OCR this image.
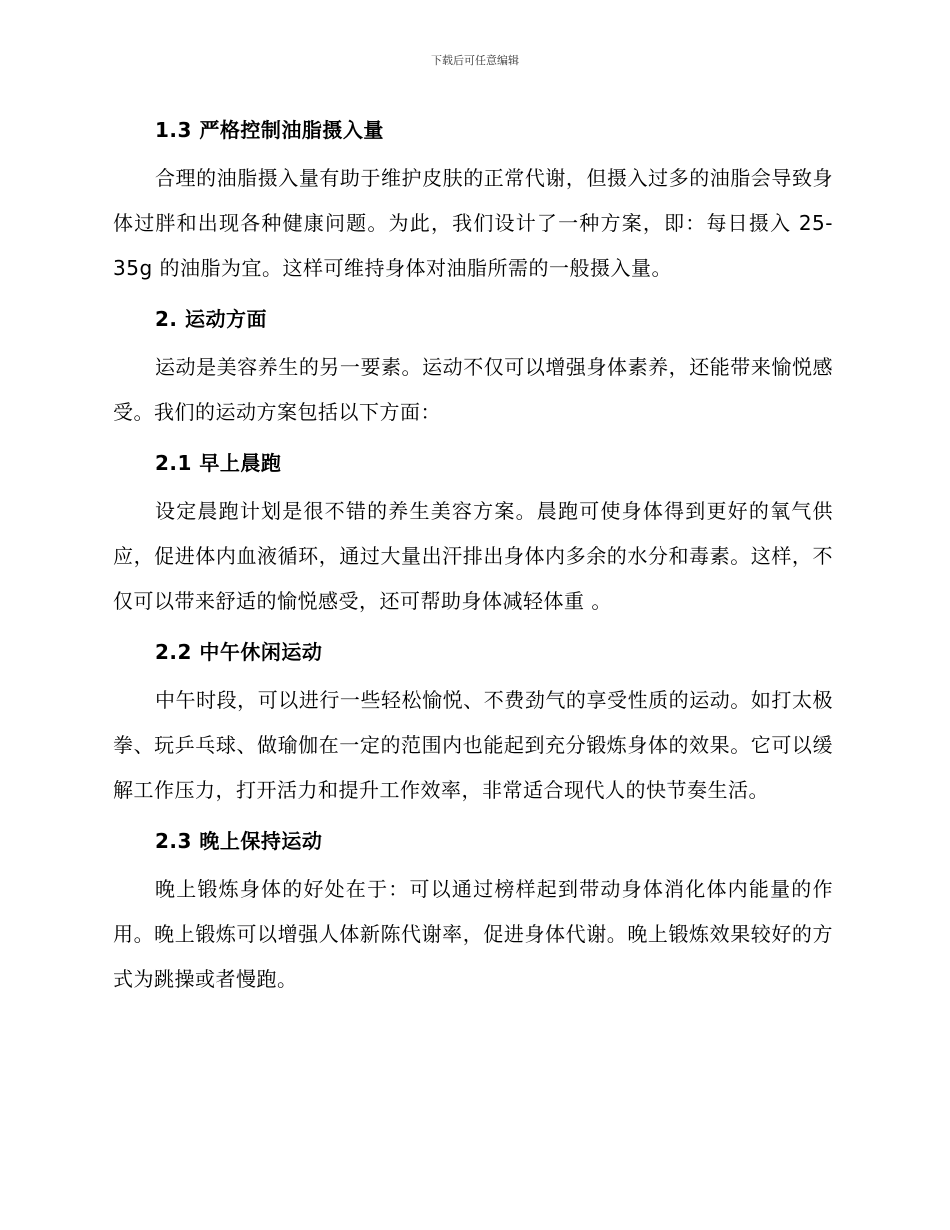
下载后可任意编辑
1.3 严格控制油脂摄入量

合理的油脂摄入量有助于维护皮肤的正常代谢，但摄入过多的油脂会导致身体过胖和出现各种健康问题。为此，我们设计了一种方案，即：每日摄入 25-35g 的油脂为宜。这样可维持身体对油脂所需的一般摄入量。

2. 运动方面

运动是美容养生的另一要素。运动不仅可以增强身体素养，还能带来愉悦感受。我们的运动方案包括以下方面：

2.1 早上晨跑

设定晨跑计划是很不错的养生美容方案。晨跑可使身体得到更好的氧气供应，促进体内血液循环，通过大量出汗排出身体内多余的水分和毒素。这样，不仅可以带来舒适的愉悦感受，还可帮助身体减轻体重 。

2.2 中午休闲运动

中午时段，可以进行一些轻松愉悦、不费劲气的享受性质的运动。如打太极拳、玩乒乓球、做瑜伽在一定的范围内也能起到充分锻炼身体的效果。它可以缓解工作压力，打开活力和提升工作效率，非常适合现代人的快节奏生活。

2.3 晚上保持运动

晚上锻炼身体的好处在于：可以通过榜样起到带动身体消化体内能量的作用。晚上锻炼可以增强人体新陈代谢率，促进身体代谢。晚上锻炼效果较好的方式为跳操或者慢跑。
